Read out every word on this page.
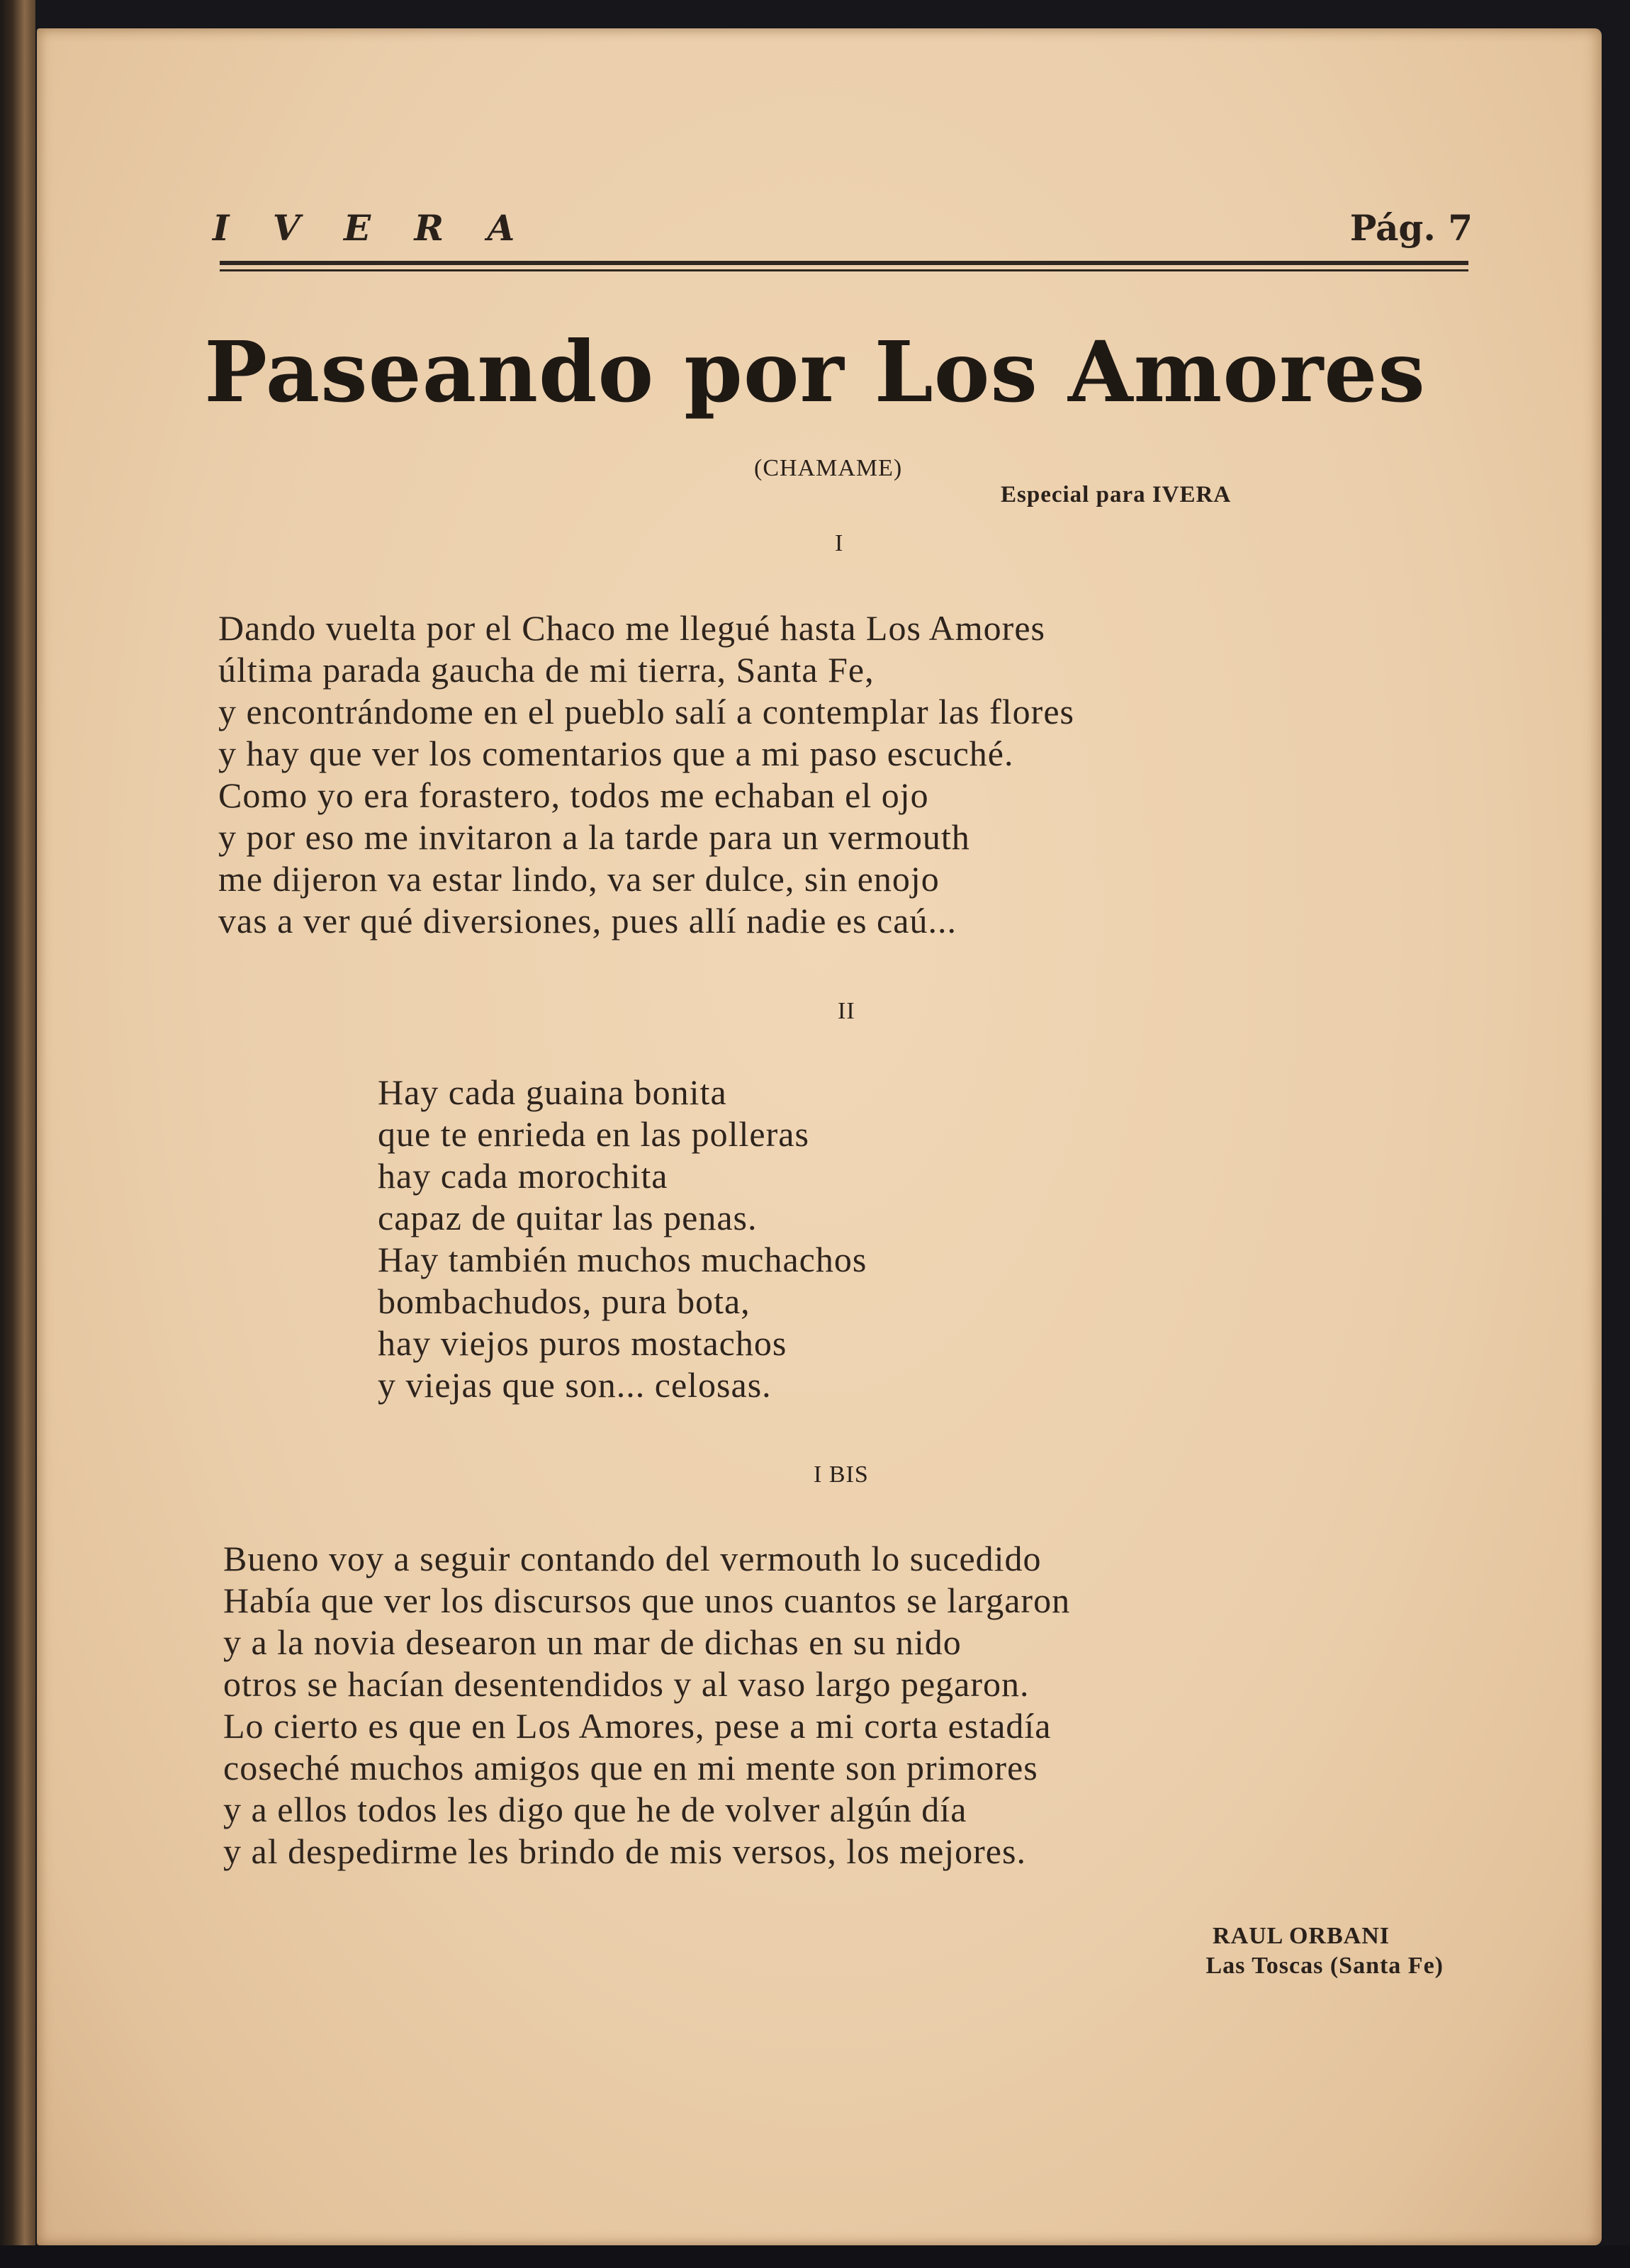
I V E R A	Pág. 7
Paseando por Los Amores
(CHAMAME)
Especial para IVERA
I
Dando vuelta por el Chaco me llegué hasta Los Amores
última parada gaucha de mi tierra, Santa Fe,
y encontrándome en el pueblo salí a contemplar las flores
y hay que ver los comentarios que a mi paso escuché.
Como yo era forastero, todos me echaban el ojo
y por eso me invitaron a la tarde para un vermouth
me dijeron va estar lindo, va ser dulce, sin enojo
vas a ver qué diversiones, pues allí nadie es caú...
II
Hay cada guaina bonita
que te enrieda en las polleras
hay cada morochita
capaz de quitar las penas.
Hay también muchos muchachos
bombachudos, pura bota,
hay viejos puros mostachos
y viejas que son... celosas.
I BIS
Bueno voy a seguir contando del vermouth lo sucedido
Había que ver los discursos que unos cuantos se largaron
y a la novia desearon un mar de dichas en su nido
otros se hacían desentendidos y al vaso largo pegaron.
Lo cierto es que en Los Amores, pese a mi corta estadía
coseché muchos amigos que en mi mente son primores
y a ellos todos les digo que he de volver algún día
y al despedirme les brindo de mis versos, los mejores.
RAUL ORBANI
Las Toscas (Santa Fe)
